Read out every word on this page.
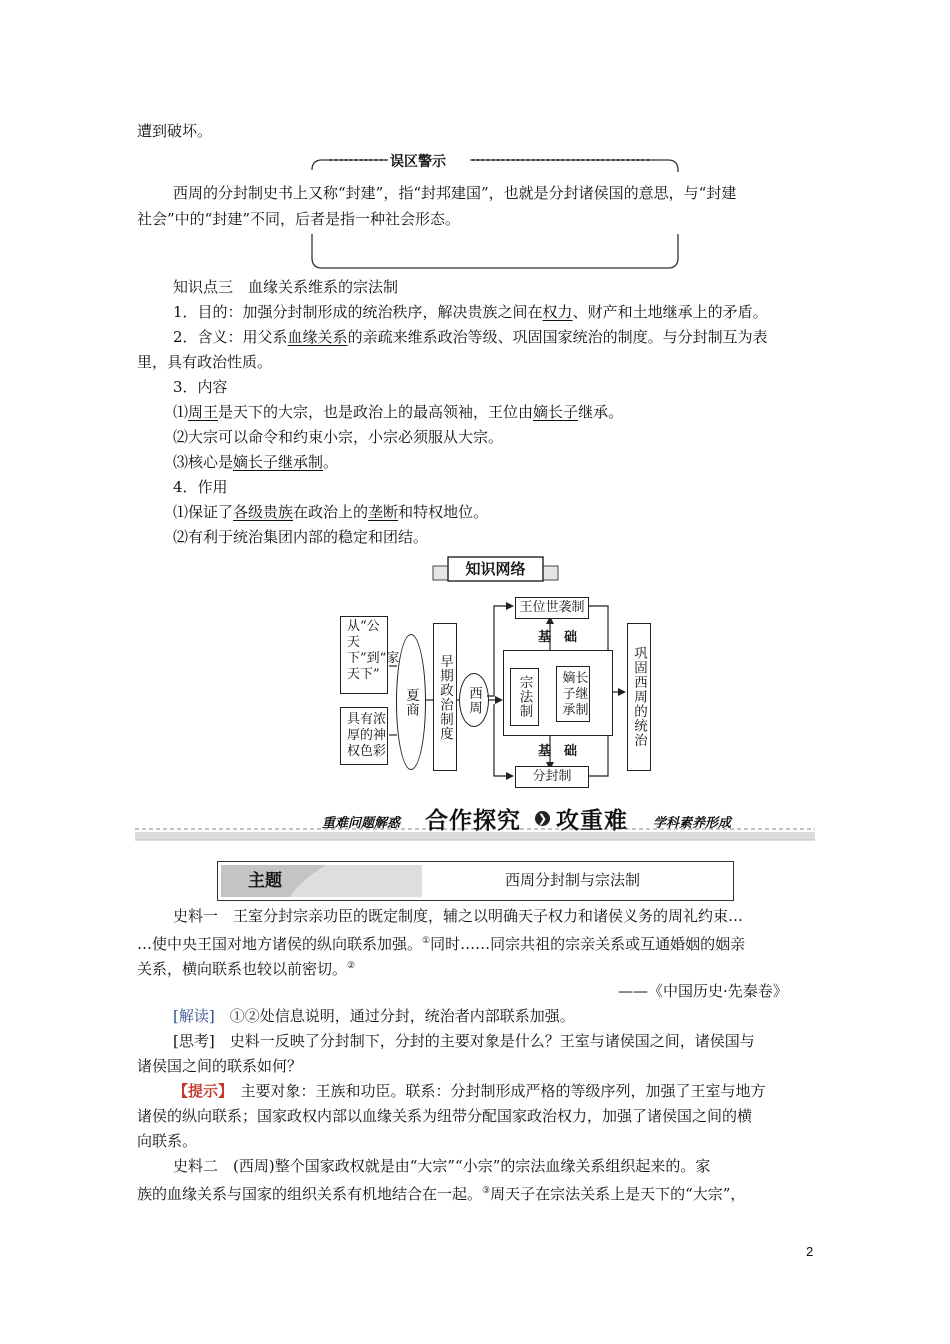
遭到破坏。
误区警示
西周的分封制史书上又称“封建”，指“封邦建国”，也就是分封诸侯国的意思，与“封建
社会”中的“封建”不同，后者是指一种社会形态。
知识点三　血缘关系维系的宗法制
1．目的：加强分封制形成的统治秩序，解决贵族之间在权力、财产和土地继承上的矛盾。
2．含义：用父系血缘关系的亲疏来维系政治等级、巩固国家统治的制度。与分封制互为表
里，具有政治性质。
3．内容
⑴周王是天下的大宗，也是政治上的最高领袖，王位由嫡长子继承。
⑵大宗可以命令和约束小宗，小宗必须服从大宗。
⑶核心是嫡长子继承制。
4．作用
⑴保证了各级贵族在政治上的垄断和特权地位。
⑵有利于统治集团内部的稳定和团结。
知识网络
从“公天下”到“家天下”
具有浓厚的神权色彩
夏商 早期政治制度 西周
王位世袭制
基　础
宗法制	嫡长子继承制
基　础
分封制
巩固西周的统治
重难问题解惑 合作探究 ❯ 攻重难 学科素养形成
主题	西周分封制与宗法制
史料一　王室分封宗亲功臣的既定制度，辅之以明确天子权力和诸侯义务的周礼约束…
…使中央王国对地方诸侯的纵向联系加强。①同时……同宗共祖的宗亲关系或互通婚姻的姻亲
关系，横向联系也较以前密切。②
——《中国历史·先秦卷》
[解读]　 ①②处信息说明，通过分封，统治者内部联系加强。
[思考]　 史料一反映了分封制下，分封的主要对象是什么？王室与诸侯国之间，诸侯国与
诸侯国之间的联系如何？
【提示】　 主要对象：王族和功臣。联系：分封制形成严格的等级序列，加强了王室与地方
诸侯的纵向联系；国家政权内部以血缘关系为纽带分配国家政治权力，加强了诸侯国之间的横
向联系。
史料二　(西周)整个国家政权就是由“大宗”“小宗”的宗法血缘关系组织起来的。家
族的血缘关系与国家的组织关系有机地结合在一起。③周天子在宗法关系上是天下的“大宗”，
2
